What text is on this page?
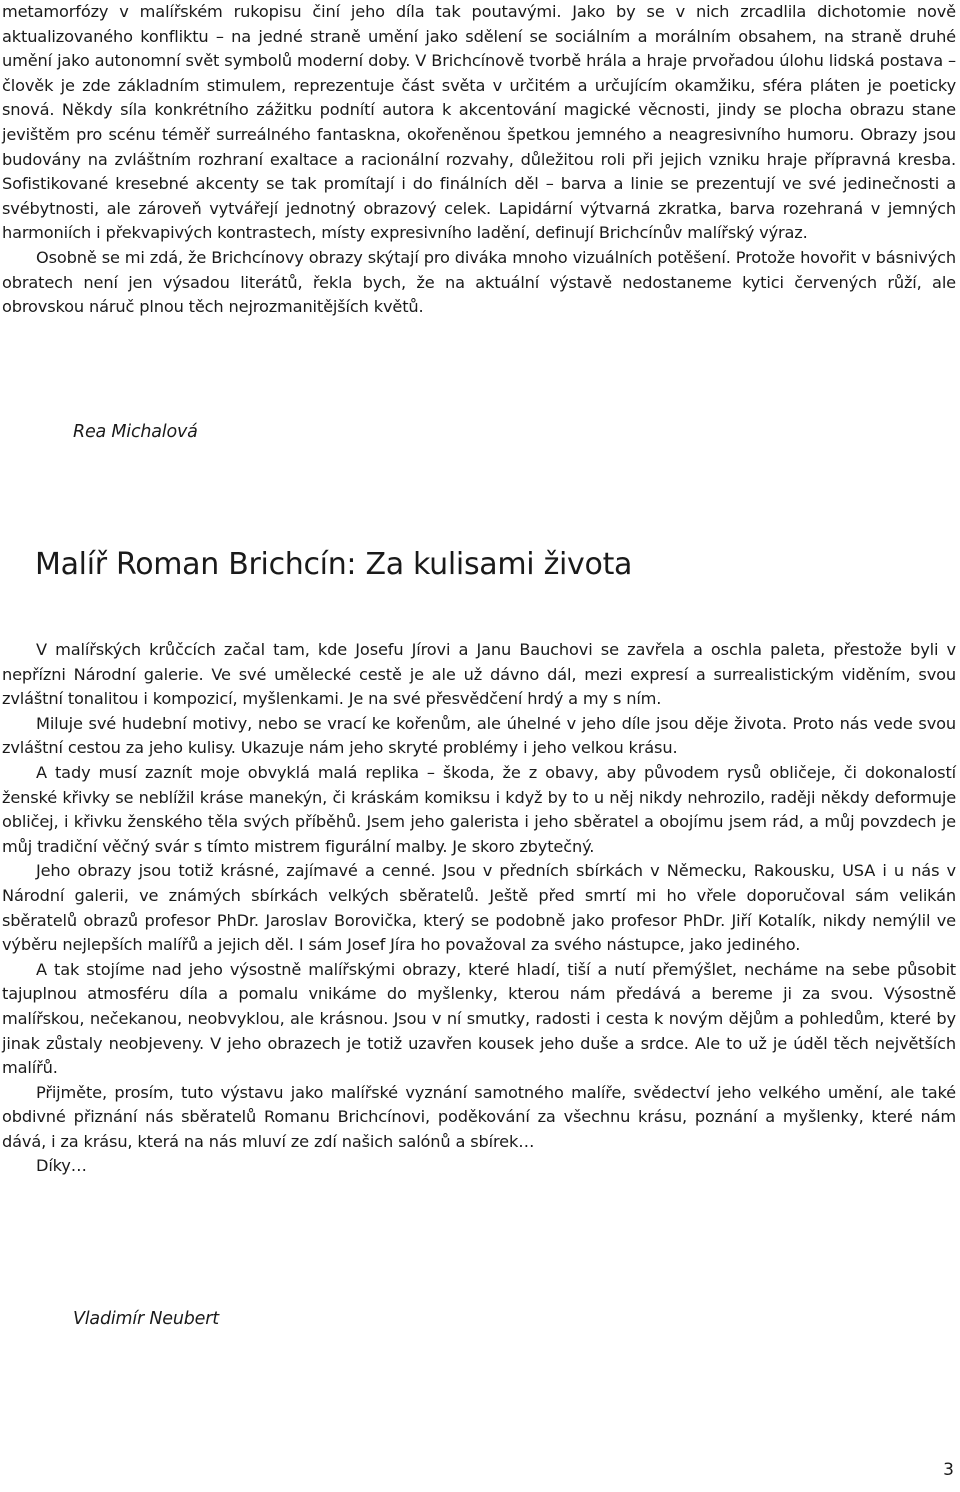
metamorfózy v malířském rukopisu činí jeho díla tak poutavými. Jako by se v nich zrcadlila dichotomie nově aktualizovaného konfliktu – na jedné straně umění jako sdělení se sociálním a morálním obsahem, na straně druhé umění jako autonomní svět symbolů moderní doby. V Brichcínově tvorbě hrála a hraje prvořadou úlohu lidská postava – člověk je zde základním stimulem, reprezentuje část světa v určitém a určujícím okamžiku, sféra pláten je poeticky snová. Někdy síla konkrétního zážitku podnítí autora k akcentování magické věcnosti, jindy se plocha obrazu stane jevištěm pro scénu téměř surreálného fantaskna, okořeněnou špetkou jemného a neagresivního humoru. Obrazy jsou budovány na zvláštním rozhraní exaltace a racionální rozvahy, důležitou roli při jejich vzniku hraje přípravná kresba. Sofistikované kresebné akcenty se tak promítají i do finálních děl – barva a linie se prezentují ve své jedinečnosti a svébytnosti, ale zároveň vytvářejí jednotný obrazový celek. Lapidární výtvarná zkratka, barva rozehraná v jemných harmoniích i překvapivých kontrastech, místy expresivního ladění, definují Brichcínův malířský výraz.

Osobně se mi zdá, že Brichcínovy obrazy skýtají pro diváka mnoho vizuálních potěšení. Protože hovořit v básnivých obratech není jen výsadou literátů, řekla bych, že na aktuální výstavě nedostaneme kytici červených růží, ale obrovskou náruč plnou těch nejrozmanitějších květů.

Rea Michalová
Malíř Roman Brichcín: Za kulisami života

V malířských krůčcích začal tam, kde Josefu Jírovi a Janu Bauchovi se zavřela a oschla paleta, přestože byli v nepřízni Národní galerie. Ve své umělecké cestě je ale už dávno dál, mezi expresí a surrealistickým viděním, svou zvláštní tonalitou i kompozicí, myšlenkami. Je na své přesvědčení hrdý a my s ním.

Miluje své hudební motivy, nebo se vrací ke kořenům, ale úhelné v jeho díle jsou děje života. Proto nás vede svou zvláštní cestou za jeho kulisy. Ukazuje nám jeho skryté problémy i jeho velkou krásu.

A tady musí zaznít moje obvyklá malá replika – škoda, že z obavy, aby původem rysů obličeje, či dokonalostí ženské křivky se neblížil kráse manekýn, či kráskám komiksu i když by to u něj nikdy nehrozilo, raději někdy deformuje obličej, i křivku ženského těla svých příběhů. Jsem jeho galerista i jeho sběratel a obojímu jsem rád, a můj povzdech je můj tradiční věčný svár s tímto mistrem figurální malby. Je skoro zbytečný.

Jeho obrazy jsou totiž krásné, zajímavé a cenné. Jsou v předních sbírkách v Německu, Rakousku, USA i u nás v Národní galerii, ve známých sbírkách velkých sběratelů. Ještě před smrtí mi ho vřele doporučoval sám velikán sběratelů obrazů profesor PhDr. Jaroslav Borovička, který se podobně jako profesor PhDr. Jiří Kotalík, nikdy nemýlil ve výběru nejlepších malířů a jejich děl. I sám Josef Jíra ho považoval za svého nástupce, jako jediného.

A tak stojíme nad jeho výsostně malířskými obrazy, které hladí, tiší a nutí přemýšlet, necháme na sebe působit tajuplnou atmosféru díla a pomalu vnikáme do myšlenky, kterou nám předává a bereme ji za svou. Výsostně malířskou, nečekanou, neobvyklou, ale krásnou. Jsou v ní smutky, radosti i cesta k novým dějům a pohledům, které by jinak zůstaly neobjeveny. V jeho obrazech je totiž uzavřen kousek jeho duše a srdce. Ale to už je úděl těch největších malířů.

Přijměte, prosím, tuto výstavu jako malířské vyznání samotného malíře, svědectví jeho velkého umění, ale také obdivné přiznání nás sběratelů Romanu Brichcínovi, poděkování za všechnu krásu, poznání a myšlenky, které nám dává, i za krásu, která na nás mluví ze zdí našich salónů a sbírek…

Díky…

Vladimír Neubert
3
